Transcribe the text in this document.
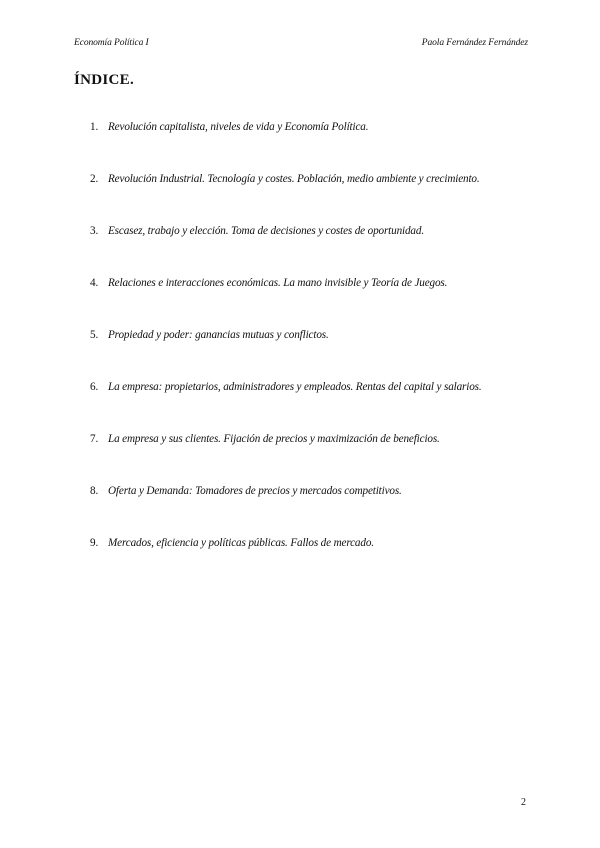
Economía Política I	Paola Fernández Fernández
ÍNDICE.
1. Revolución capitalista, niveles de vida y Economía Política.
2. Revolución Industrial. Tecnología y costes. Población, medio ambiente y crecimiento.
3. Escasez, trabajo y elección. Toma de decisiones y costes de oportunidad.
4. Relaciones e interacciones económicas. La mano invisible y Teoría de Juegos.
5. Propiedad y poder: ganancias mutuas y conflictos.
6. La empresa: propietarios, administradores y empleados. Rentas del capital y salarios.
7. La empresa y sus clientes. Fijación de precios y maximización de beneficios.
8. Oferta y Demanda: Tomadores de precios y mercados competitivos.
9. Mercados, eficiencia y políticas públicas. Fallos de mercado.
2
